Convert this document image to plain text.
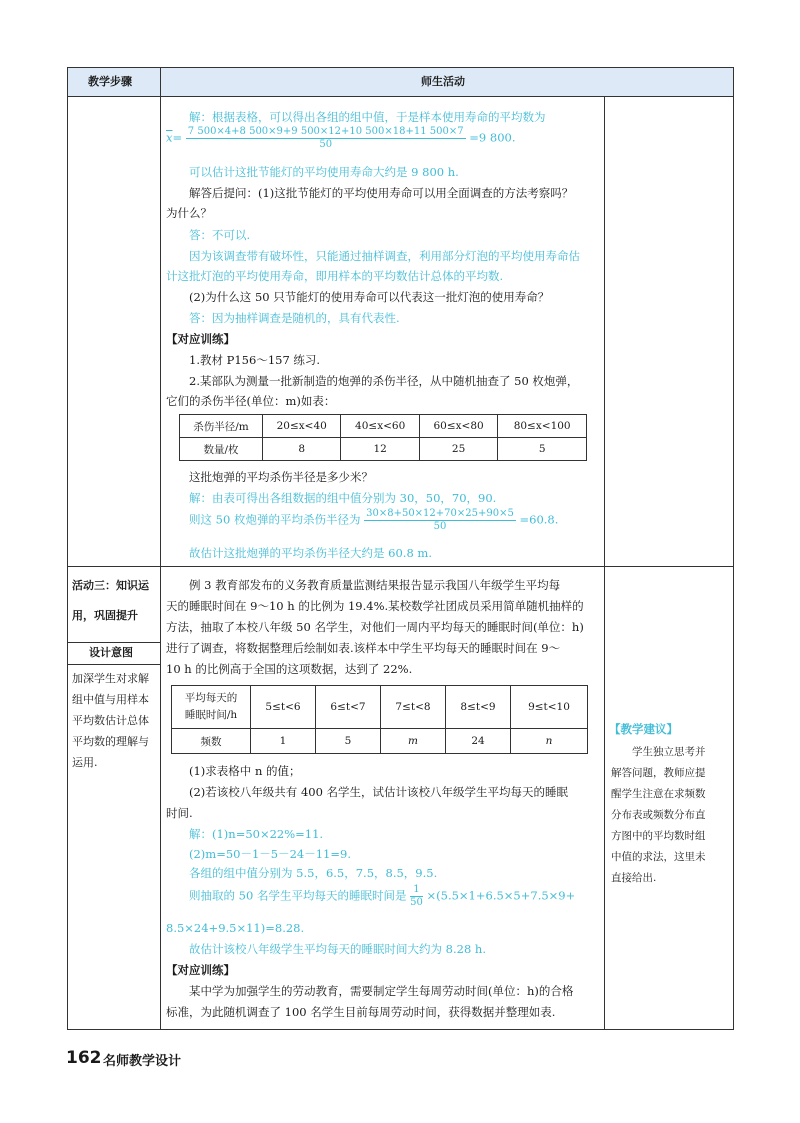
教学步骤	师生活动
解：根据表格，可以得出各组的组中值，于是样本使用寿命的平均数为
$\overline{x}= \frac{7 500\times 4+8 500\times 9+9 500\times 12+10 500\times 18+11 500\times 7}{50} =9$ 800.
可以估计这批节能灯的平均使用寿命大约是 9 800 h.
解答后提问：(1)这批节能灯的平均使用寿命可以用全面调查的方法考察吗？
为什么？
答：不可以.
因为该调查带有破坏性，只能通过抽样调查，利用部分灯泡的平均使用寿命估
计这批灯泡的平均使用寿命，即用样本的平均数估计总体的平均数.
(2)为什么这 50 只节能灯的使用寿命可以代表这一批灯泡的使用寿命？
答：因为抽样调查是随机的，具有代表性.
【对应训练】
1.教材 P156～157 练习.
2.某部队为测量一批新制造的炮弹的杀伤半径，从中随机抽查了 50 枚炮弹，
它们的杀伤半径(单位：m)如表：
杀伤半径/m	20≤x<40	40≤x<60	60≤x<80	80≤x<100
数量/枚	8	12	25	5
这批炮弹的平均杀伤半径是多少米？
解：由表可得出各组数据的组中值分别为 30，50，70，90.
则这 50 枚炮弹的平均杀伤半径为 $\frac{30\times 8+50\times 12+70\times 25+90\times 5}{50} =60.8$.
故估计这批炮弹的平均杀伤半径大约是 60.8 m.
活动三：知识运
用，巩固提升
设计意图
加深学生对求解
组中值与用样本
平均数估计总体
平均数的理解与
运用.
例 3 教育部发布的义务教育质量监测结果报告显示我国八年级学生平均每
天的睡眠时间在 9～10 h 的比例为 19.4%.某校数学社团成员采用简单随机抽样的
方法，抽取了本校八年级 50 名学生，对他们一周内平均每天的睡眠时间(单位：h)
进行了调查，将数据整理后绘制如表.该样本中学生平均每天的睡眠时间在 9～
10 h 的比例高于全国的这项数据，达到了 22%.
平均每天的
睡眠时间/h	5≤t<6	6≤t<7	7≤t<8	8≤t<9	9≤t<10
频数	1	5	m	24	n
(1)求表格中 n 的值；
(2)若该校八年级共有 400 名学生，试估计该校八年级学生平均每天的睡眠
时间.
解：(1)n=50×22%=11.
(2)m=50－1－5－24－11=9.
各组的组中值分别为 5.5，6.5，7.5，8.5，9.5.
则抽取的 50 名学生平均每天的睡眠时间是 $\frac{1}{50} \times(5.5\times 1+6.5\times 5+7.5\times 9+$
8.5×24+9.5×11)=8.28.
故估计该校八年级学生平均每天的睡眠时间大约为 8.28 h.
【对应训练】
某中学为加强学生的劳动教育，需要制定学生每周劳动时间(单位：h)的合格
标准，为此随机调查了 100 名学生目前每周劳动时间，获得数据并整理如表.
【教学建议】
学生独立思考并
解答问题，教师应提
醒学生注意在求频数
分布表或频数分布直
方图中的平均数时组
中值的求法，这里未
直接给出.
162 名师教学设计
